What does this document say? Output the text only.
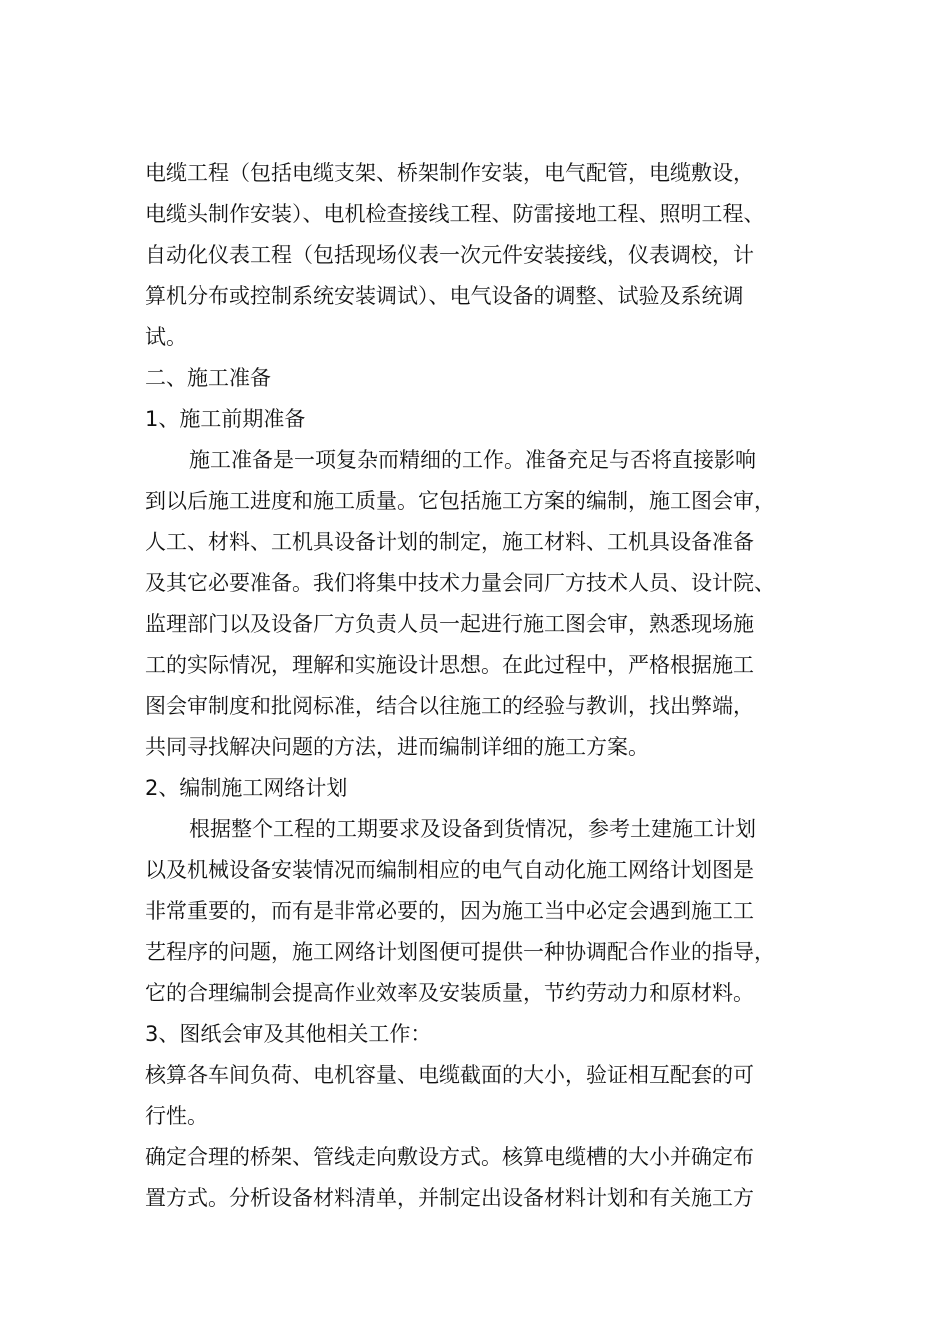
电缆工程（包括电缆支架、桥架制作安装，电气配管，电缆敷设，
电缆头制作安装）、电机检查接线工程、防雷接地工程、照明工程、
自动化仪表工程（包括现场仪表一次元件安装接线，仪表调校，计
算机分布或控制系统安装调试）、电气设备的调整、试验及系统调
试。
二、施工准备
1、施工前期准备
施工准备是一项复杂而精细的工作。准备充足与否将直接影响
到以后施工进度和施工质量。它包括施工方案的编制，施工图会审，
人工、材料、工机具设备计划的制定，施工材料、工机具设备准备
及其它必要准备。我们将集中技术力量会同厂方技术人员、设计院、
监理部门以及设备厂方负责人员一起进行施工图会审，熟悉现场施
工的实际情况，理解和实施设计思想。在此过程中，严格根据施工
图会审制度和批阅标准，结合以往施工的经验与教训，找出弊端，
共同寻找解决问题的方法，进而编制详细的施工方案。
2、编制施工网络计划
根据整个工程的工期要求及设备到货情况，参考土建施工计划
以及机械设备安装情况而编制相应的电气自动化施工网络计划图是
非常重要的，而有是非常必要的，因为施工当中必定会遇到施工工
艺程序的问题，施工网络计划图便可提供一种协调配合作业的指导，
它的合理编制会提高作业效率及安装质量，节约劳动力和原材料。
3、图纸会审及其他相关工作：
核算各车间负荷、电机容量、电缆截面的大小，验证相互配套的可
行性。
确定合理的桥架、管线走向敷设方式。核算电缆槽的大小并确定布
置方式。分析设备材料清单，并制定出设备材料计划和有关施工方
